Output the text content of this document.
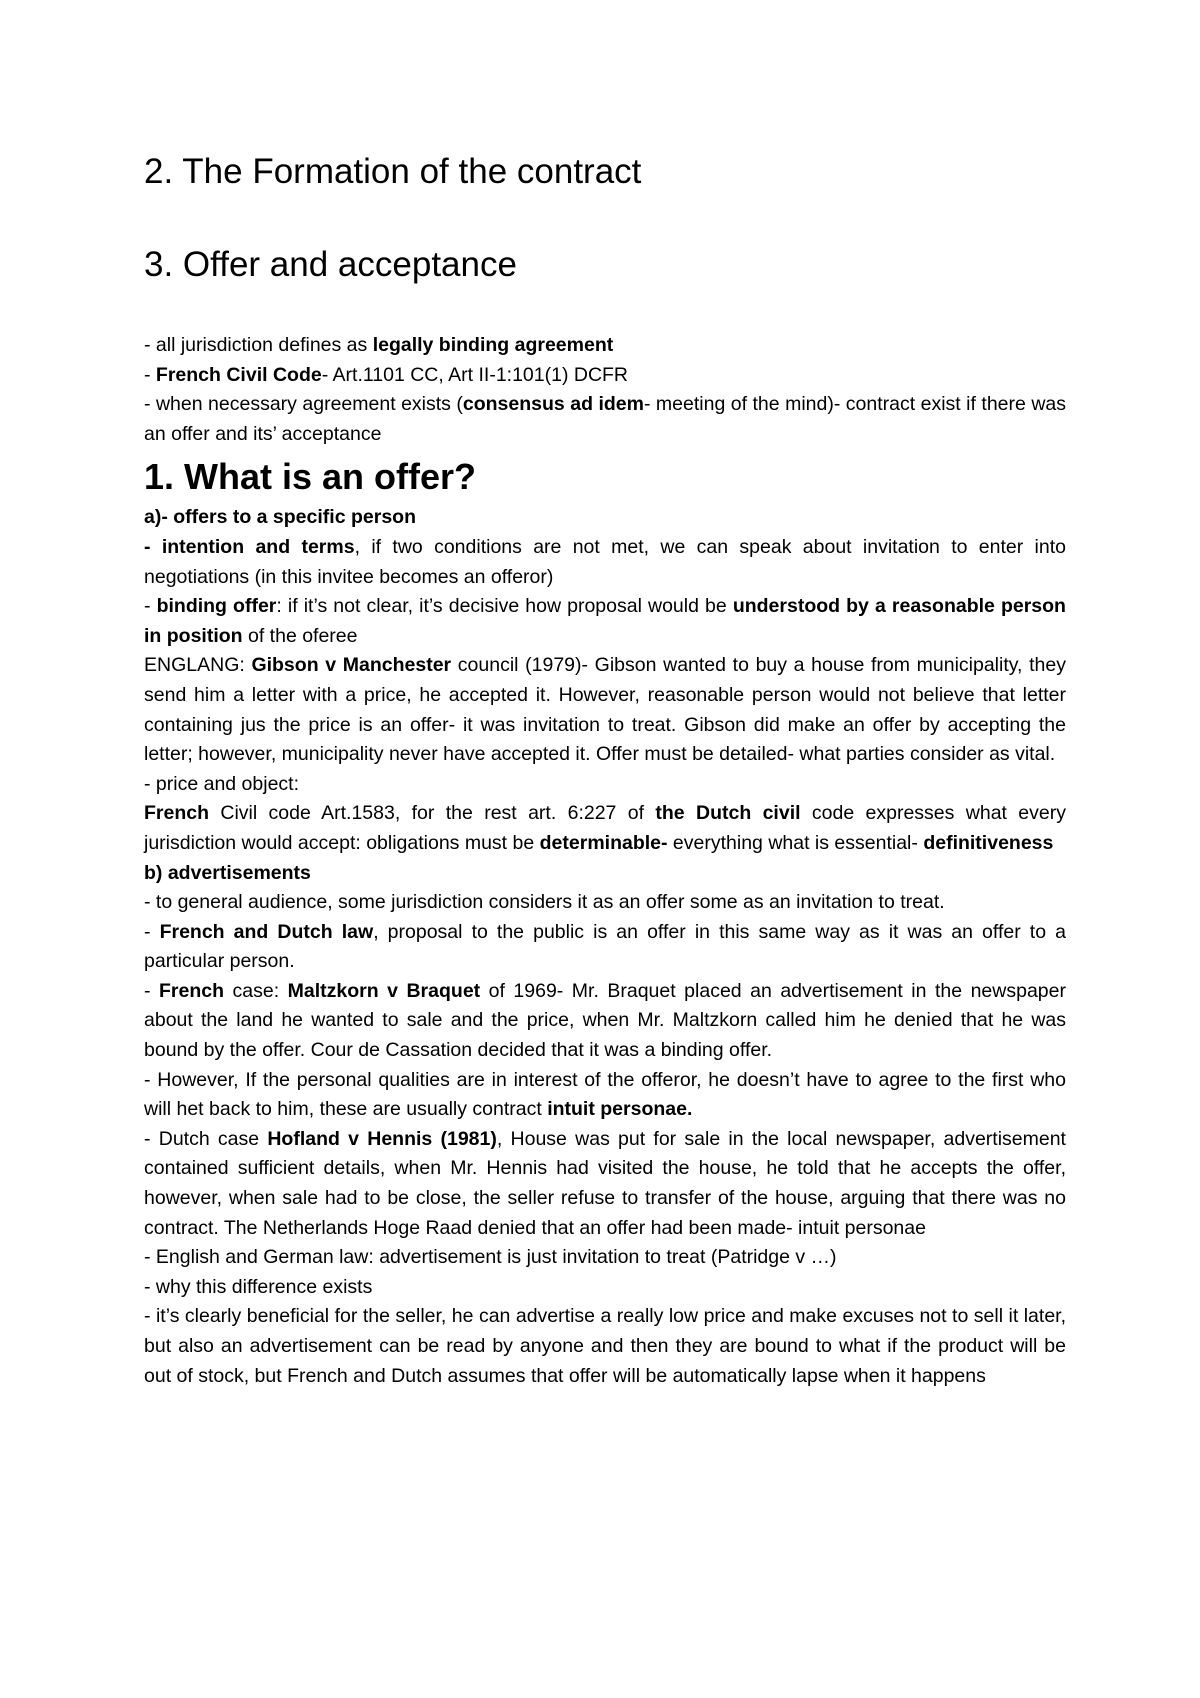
2. The Formation of the contract
3. Offer and acceptance

- all jurisdiction defines as legally binding agreement

- French Civil Code- Art.1101 CC, Art II-1:101(1) DCFR

- when necessary agreement exists (consensus ad idem- meeting of the mind)- contract exist if there was an offer and its’ acceptance

1. What is an offer?

a)- offers to a specific person

- intention and terms, if two conditions are not met, we can speak about invitation to enter into negotiations (in this invitee becomes an offeror)

- binding offer: if it’s not clear, it’s decisive how proposal would be understood by a reasonable person in position of the oferee

ENGLANG: Gibson v Manchester council (1979)- Gibson wanted to buy a house from municipality, they send him a letter with a price, he accepted it. However, reasonable person would not believe that letter containing jus the price is an offer- it was invitation to treat. Gibson did make an offer by accepting the letter; however, municipality never have accepted it. Offer must be detailed- what parties consider as vital.

- price and object:

French Civil code Art.1583, for the rest art. 6:227 of the Dutch civil code expresses what every jurisdiction would accept: obligations must be determinable- everything what is essential- definitiveness

b) advertisements

- to general audience, some jurisdiction considers it as an offer some as an invitation to treat.

- French and Dutch law, proposal to the public is an offer in this same way as it was an offer to a particular person.

- French case: Maltzkorn v Braquet of 1969- Mr. Braquet placed an advertisement in the newspaper about the land he wanted to sale and the price, when Mr. Maltzkorn called him he denied that he was bound by the offer. Cour de Cassation decided that it was a binding offer.

- However, If the personal qualities are in interest of the offeror, he doesn’t have to agree to the first who will het back to him, these are usually contract intuit personae.

- Dutch case Hofland v Hennis (1981), House was put for sale in the local newspaper, advertisement contained sufficient details, when Mr. Hennis had visited the house, he told that he accepts the offer, however, when sale had to be close, the seller refuse to transfer of the house, arguing that there was no contract. The Netherlands Hoge Raad denied that an offer had been made- intuit personae

- English and German law: advertisement is just invitation to treat (Patridge v …)

- why this difference exists

- it’s clearly beneficial for the seller, he can advertise a really low price and make excuses not to sell it later, but also an advertisement can be read by anyone and then they are bound to what if the product will be out of stock, but French and Dutch assumes that offer will be automatically lapse when it happens
